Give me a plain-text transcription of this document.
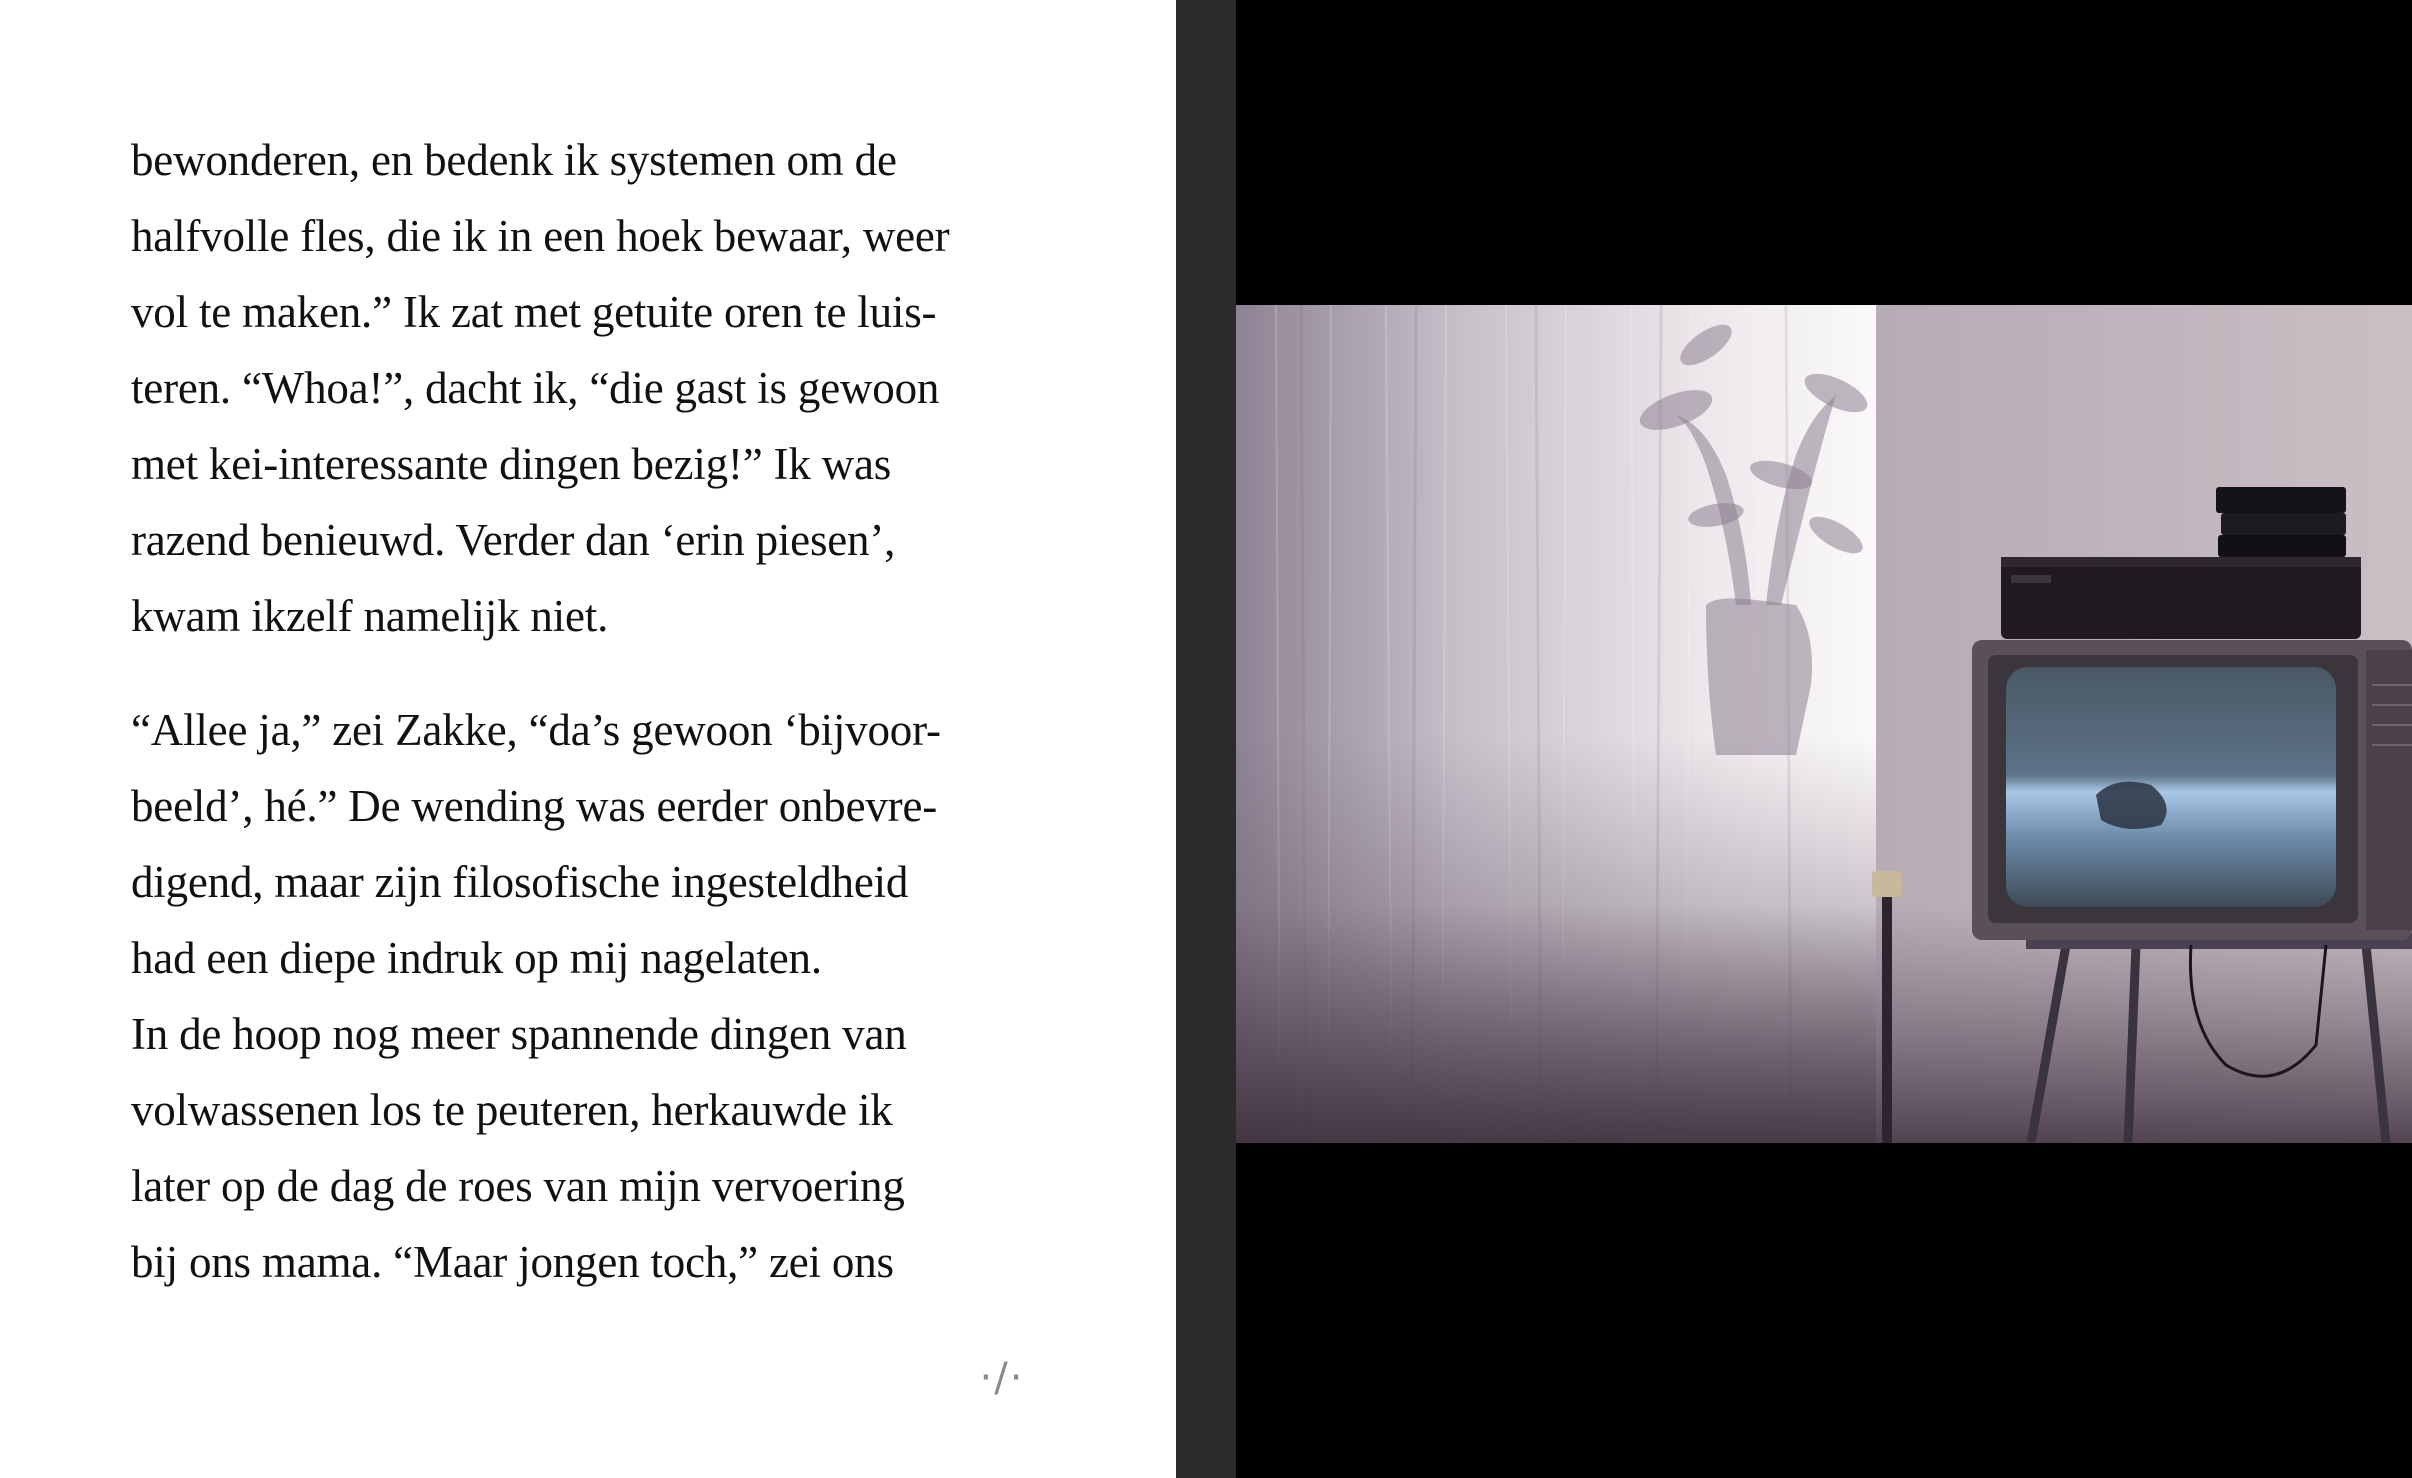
bewonderen, en bedenk ik systemen om de
halfvolle fles, die ik in een hoek bewaar, weer
vol te maken.” Ik zat met getuite oren te luis-
teren. “Whoa!”, dacht ik, “die gast is gewoon
met kei-interessante dingen bezig!” Ik was
razend benieuwd. Verder dan ‘erin piesen’,
kwam ikzelf namelijk niet.

“Allee ja,” zei Zakke, “da’s gewoon ‘bijvoor-
beeld’, hé.” De wending was eerder onbevre-
digend, maar zijn filosofische ingesteldheid
had een diepe indruk op mij nagelaten.

In de hoop nog meer spannende dingen van
volwassenen los te peuteren, herkauwde ik
later op de dag de roes van mijn vervoering
bij ons mama. “Maar jongen toch,” zei ons

·/·
